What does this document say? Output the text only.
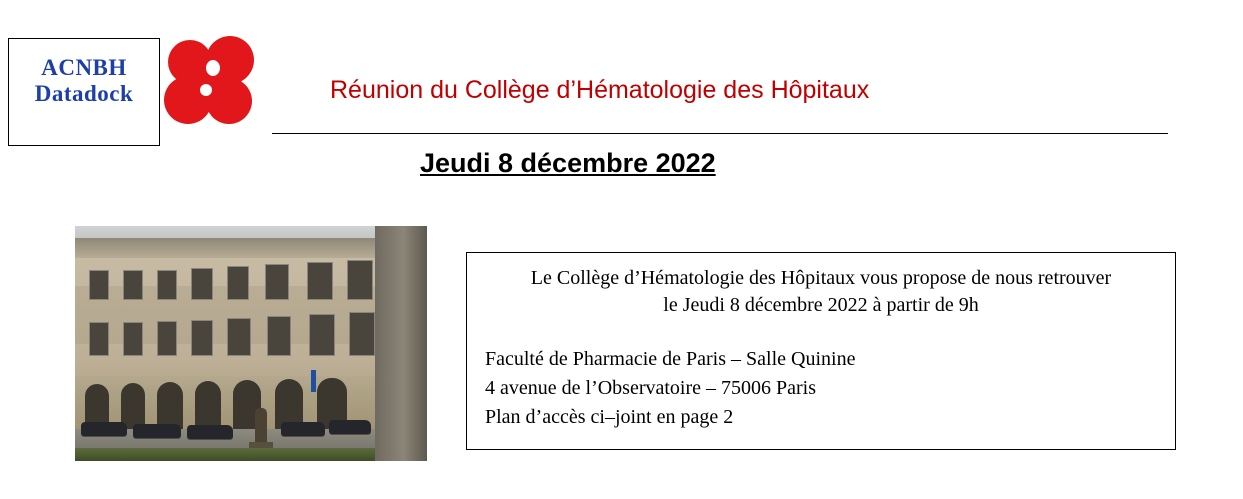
ACNBH
Datadock	Réunion du Collège d’Hématologie des Hôpitaux
Jeudi 8 décembre 2022

Le Collège d’Hématologie des Hôpitaux vous propose de nous retrouver
le Jeudi 8 décembre 2022 à partir de 9h

Faculté de Pharmacie de Paris – Salle Quinine
4 avenue de l’Observatoire – 75006 Paris
Plan d’accès ci–joint en page 2
